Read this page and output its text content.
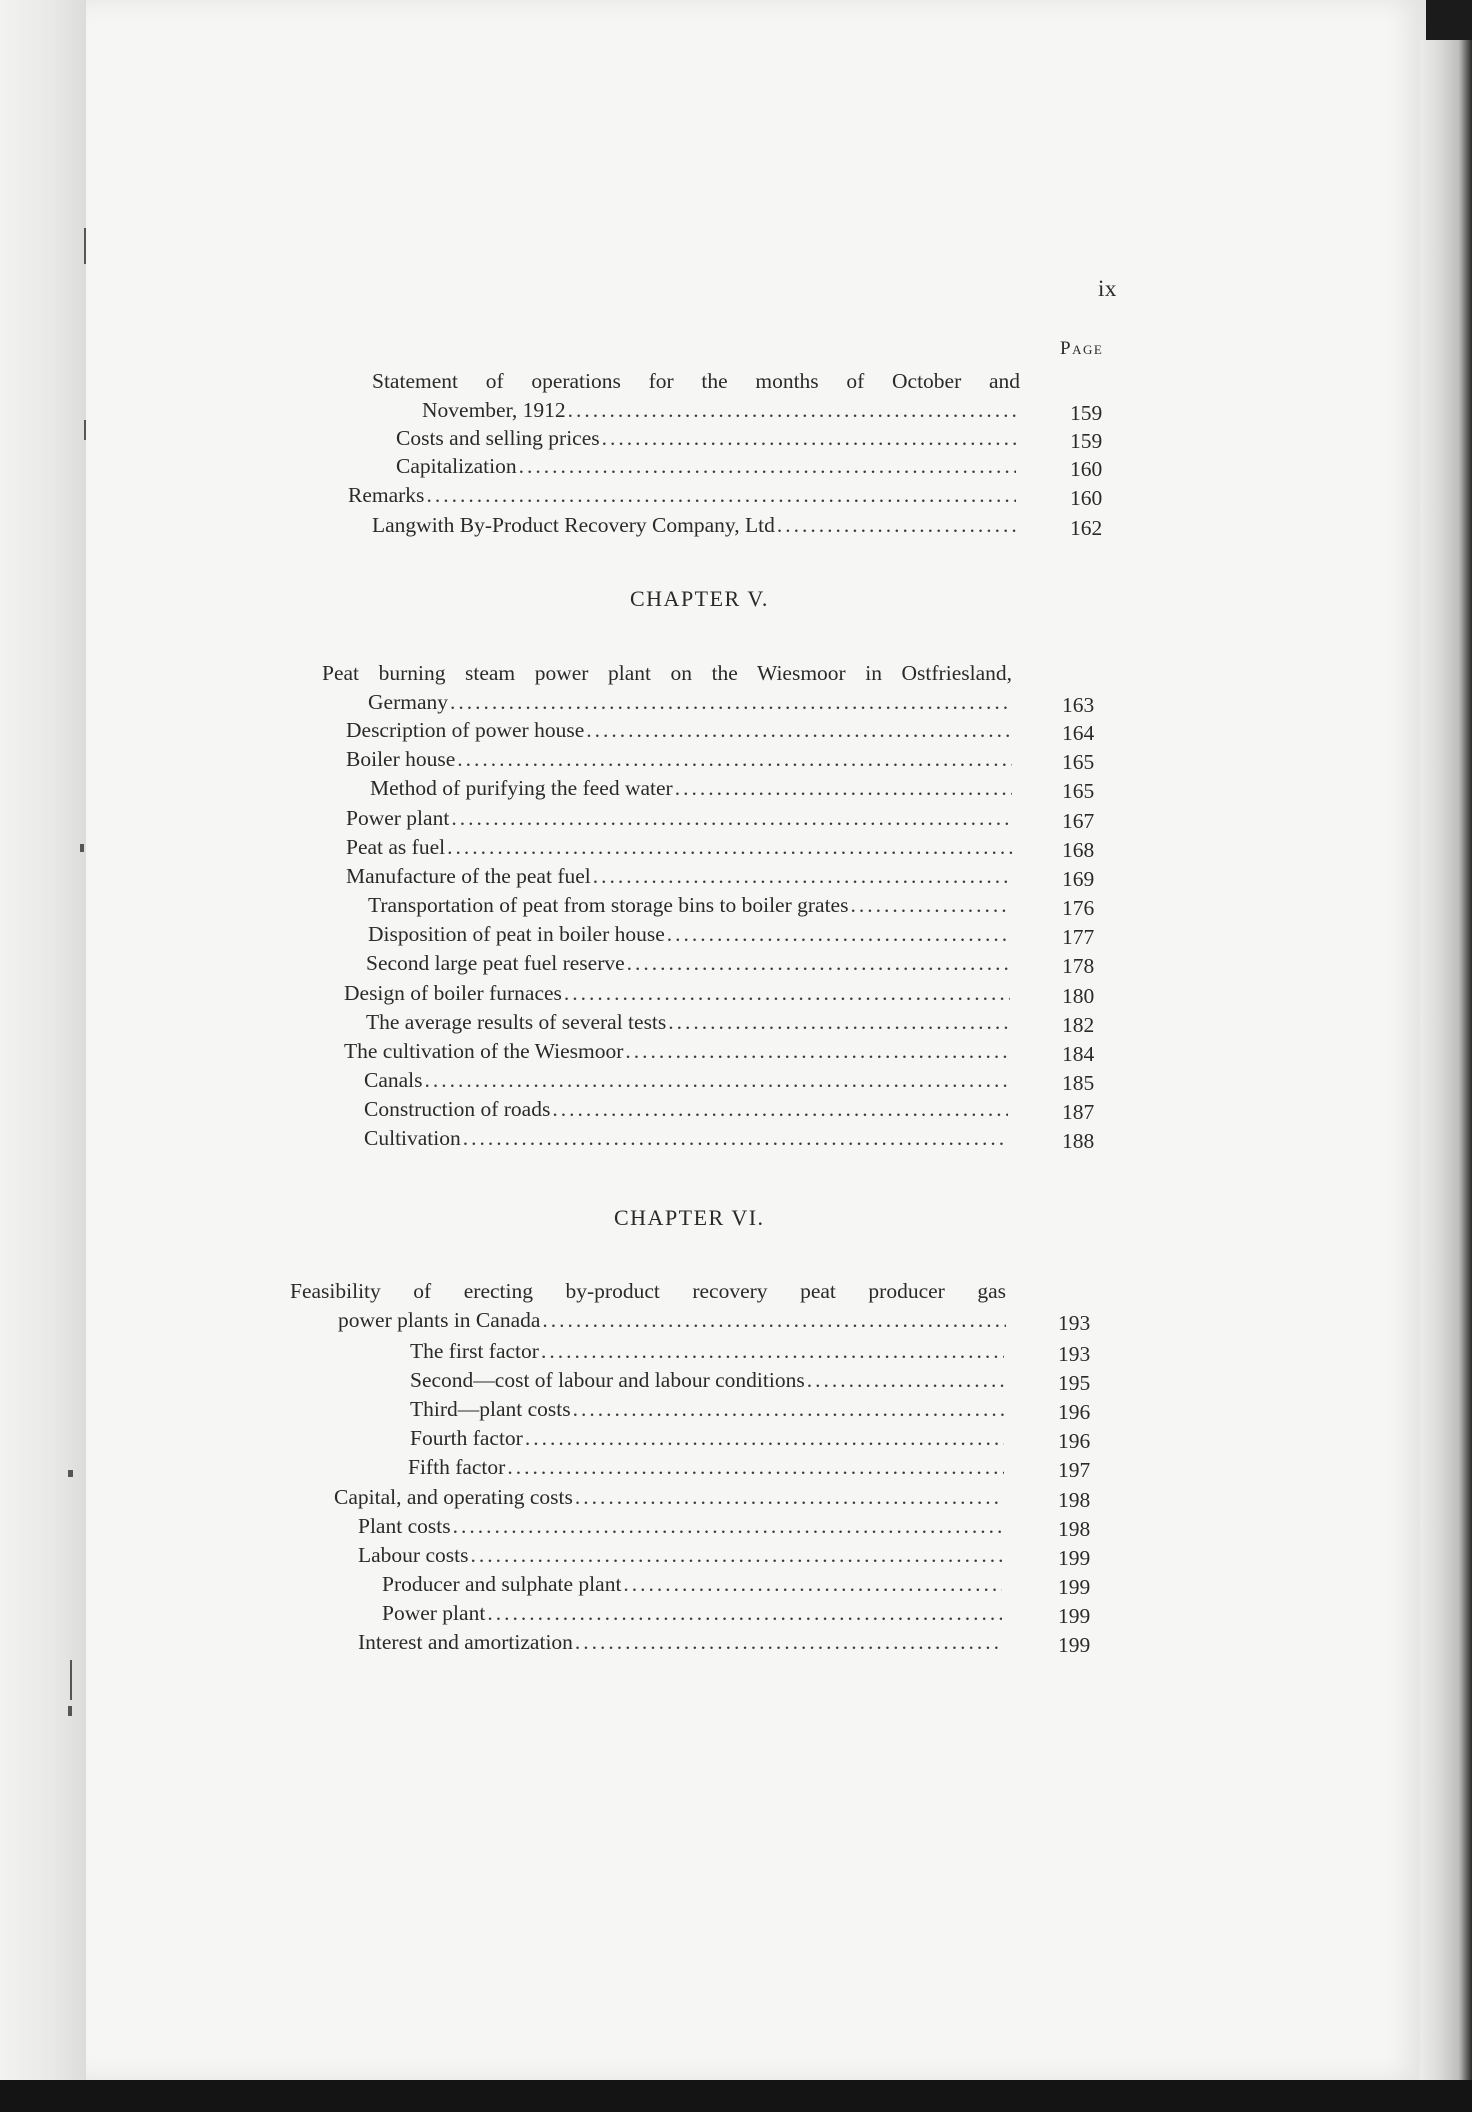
ix
Page
Statement of operations for the months of October and
November, 1912 .....	159
Costs and selling prices .....	159
Capitalization .....	160
Remarks .....	160
Langwith By-Product Recovery Company, Ltd .....	162
CHAPTER V.
Peat burning steam power plant on the Wiesmoor in Ostfriesland,
Germany .....	163
Description of power house .....	164
Boiler house .....	165
Method of purifying the feed water .....	165
Power plant .....	167
Peat as fuel .....	168
Manufacture of the peat fuel .....	169
Transportation of peat from storage bins to boiler grates .....	176
Disposition of peat in boiler house .....	177
Second large peat fuel reserve .....	178
Design of boiler furnaces .....	180
The average results of several tests .....	182
The cultivation of the Wiesmoor .....	184
Canals .....	185
Construction of roads .....	187
Cultivation .....	188
CHAPTER VI.
Feasibility of erecting by-product recovery peat producer gas
power plants in Canada .....	193
The first factor .....	193
Second—cost of labour and labour conditions .....	195
Third—plant costs .....	196
Fourth factor .....	196
Fifth factor .....	197
Capital, and operating costs .....	198
Plant costs .....	198
Labour costs .....	199
Producer and sulphate plant .....	199
Power plant .....	199
Interest and amortization .....	199
